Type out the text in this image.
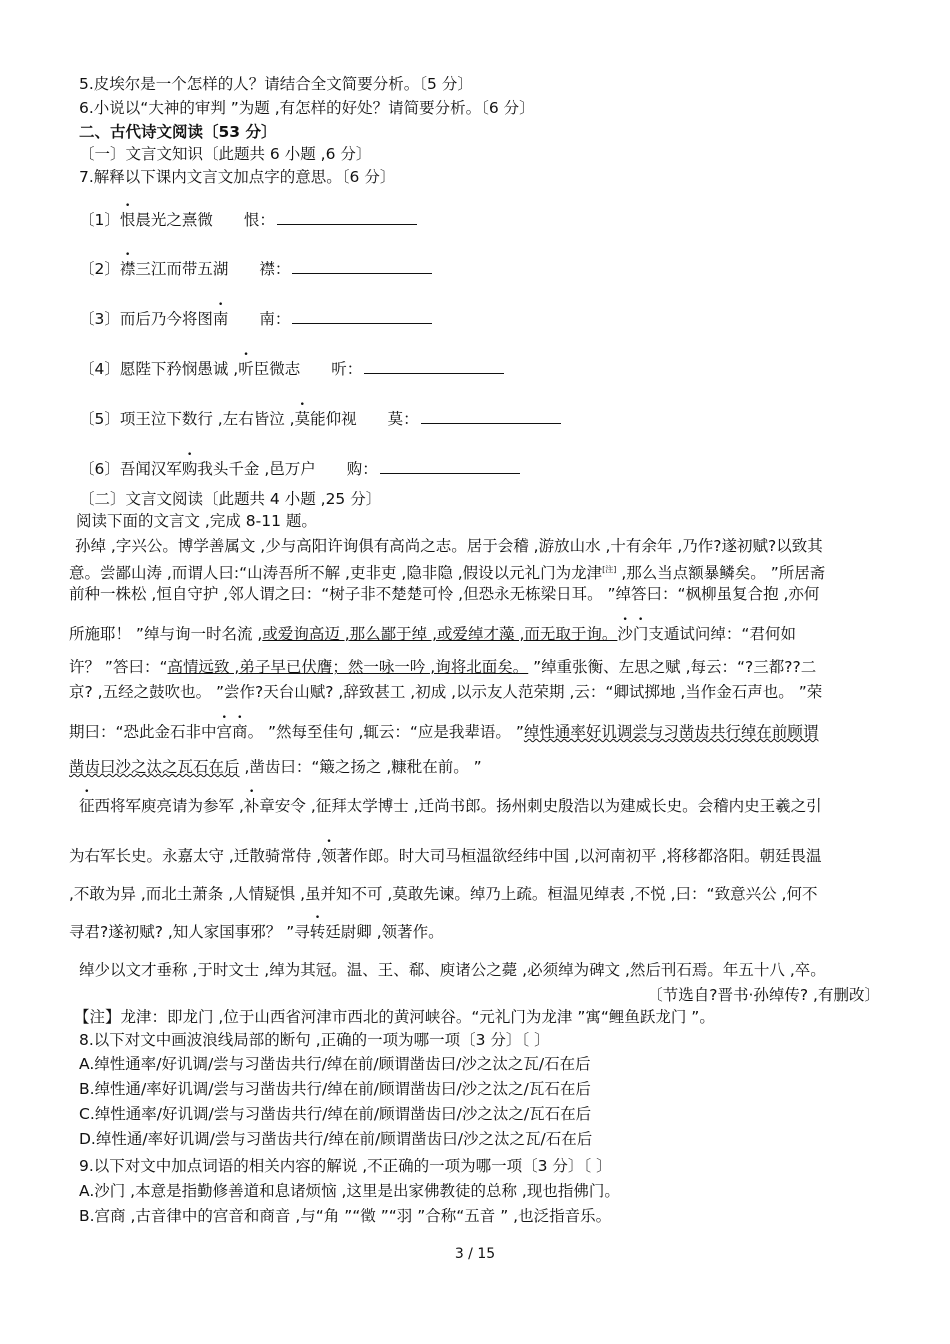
5.皮埃尔是一个怎样的人？请结合全文简要分析。〔5 分〕
6.小说以“大神的审判 ”为题 ,有怎样的好处？请简要分析。〔6 分〕
二、古代诗文阅读〔53 分〕
〔一〕文言文知识〔此题共 6 小题 ,6 分〕
7.解释以下课内文言文加点字的意思。〔6 分〕
〔1〕恨晨光之熹微　　 恨：
〔2〕襟三江而带五湖　　 襟：
〔3〕而后乃今将图南　　 南：
〔4〕愿陛下矜悯愚诚 ,听臣微志　　 听：
〔5〕项王泣下数行 ,左右皆泣 ,莫能仰视　　 莫：
〔6〕吾闻汉军购我头千金 ,邑万户　　 购：
〔二〕文言文阅读〔此题共 4 小题 ,25 分〕
阅读下面的文言文 ,完成 8-11 题。
孙绰 ,字兴公。博学善属文 ,少与高阳许询俱有高尚之志。居于会稽 ,游放山水 ,十有余年 ,乃作?遂初赋?以致其
意。尝鄙山涛 ,而谓人曰:“山涛吾所不解 ,吏非吏 ,隐非隐 ,假设以元礼门为龙津[注] ,那么当点额暴鳞矣。 ”所居斋
前种一株松 ,恒自守护 ,邻人谓之曰：“树子非不楚楚可怜 ,但恐永无栋梁日耳。 ”绰答曰：“枫柳虽复合抱 ,亦何
所施耶！ ”绰与询一时名流 ,或爱询高迈 ,那么鄙于绰 ,或爱绰才藻 ,而无取于询。沙门支遁试问绰：“君何如
许？ ”答曰：“高情远致 ,弟子早已伏膺；然一咏一吟 ,询将北面矣。 ”绰重张衡、左思之赋 ,每云：“?三都??二
京? ,五经之鼓吹也。 ”尝作?天台山赋? ,辞致甚工 ,初成 ,以示友人范荣期 ,云：“卿试掷地 ,当作金石声也。 ”荣
期曰：“恐此金石非中宫商。 ”然每至佳句 ,辄云：“应是我辈语。 ”绰性通率好讥调尝与习凿齿共行绰在前顾谓
凿齿曰沙之汰之瓦石在后 ,凿齿曰：“簸之扬之 ,糠秕在前。 ”
征西将军庾亮请为参军 ,补章安令 ,征拜太学博士 ,迁尚书郎。扬州刺史殷浩以为建威长史。会稽内史王羲之引
为右军长史。永嘉太守 ,迁散骑常侍 ,领著作郎。时大司马桓温欲经纬中国 ,以河南初平 ,将移都洛阳。朝廷畏温
,不敢为异 ,而北土萧条 ,人情疑惧 ,虽并知不可 ,莫敢先谏。绰乃上疏。桓温见绰表 ,不悦 ,曰：“致意兴公 ,何不
寻君?遂初赋? ,知人家国事邪？ ”寻转廷尉卿 ,领著作。
绰少以文才垂称 ,于时文士 ,绰为其冠。温、王、郗、庾诸公之薨 ,必须绰为碑文 ,然后刊石焉。年五十八 ,卒。
〔节选自?晋书·孙绰传? ,有删改〕
【注】龙津：即龙门 ,位于山西省河津市西北的黄河峡谷。“元礼门为龙津 ”寓“鲤鱼跃龙门 ”。
8.以下对文中画波浪线局部的断句 ,正确的一项为哪一项〔3 分〕〔 〕
A.绰性通率/好讥调/尝与习凿齿共行/绰在前/顾谓凿齿曰/沙之汰之瓦/石在后
B.绰性通/率好讥调/尝与习凿齿共行/绰在前/顾谓凿齿曰/沙之汰之/瓦石在后
C.绰性通率/好讥调/尝与习凿齿共行/绰在前/顾谓凿齿曰/沙之汰之/瓦石在后
D.绰性通/率好讥调/尝与习凿齿共行/绰在前/顾谓凿齿曰/沙之汰之瓦/石在后
9.以下对文中加点词语的相关内容的解说 ,不正确的一项为哪一项〔3 分〕〔 〕
A.沙门 ,本意是指勤修善道和息诸烦恼 ,这里是出家佛教徒的总称 ,现也指佛门。
B.宫商 ,古音律中的宫音和商音 ,与“角 ”“徵 ”“羽 ”合称“五音 ” ,也泛指音乐。
3 / 15
